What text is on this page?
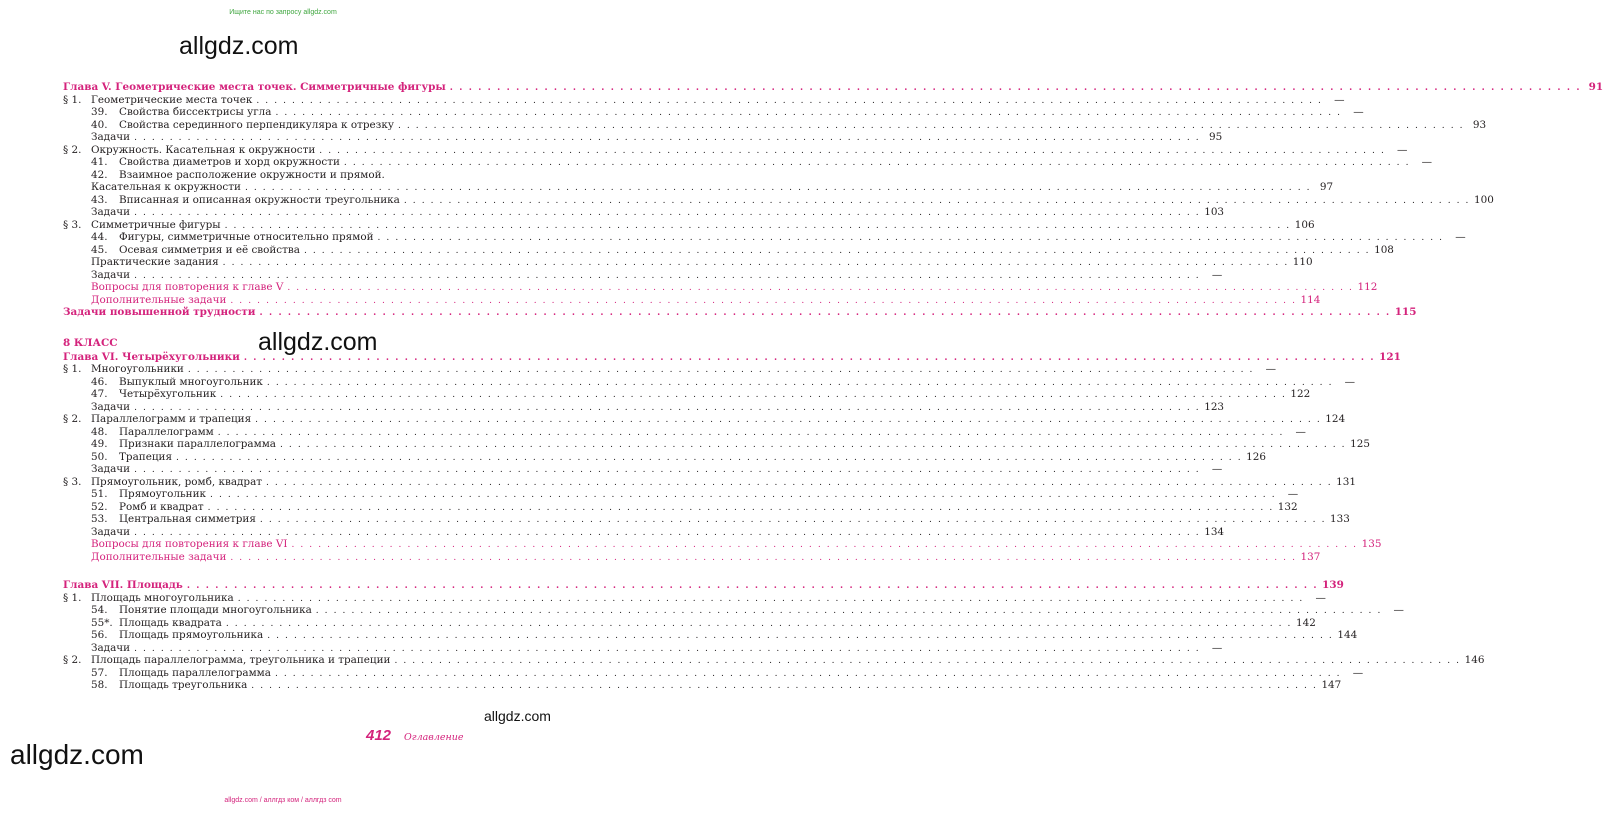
Ищите нас по запросу allgdz.com
allgdz.com
allgdz.com
allgdz.com
allgdz.com
Глава V. Геометрические места точек. Симметричные фигуры . . . . . . . . . . . . . . . . . . . . . . . . . . . . . . . . . . . . . . . . . . . . . . . . . . . . . . . . . . . . . . . . . . . . . . . . . . . . . . . . . . . . . . . . . . . . . . . . . . . . . . . . . . . . . . . . . . . . . . . . 91
§ 1. Геометрические места точек . . . . . . . . . . . . . . . . . . . . . . . . . . . . . . . . . . . . . . . . . . . . . . . . . . . . . . . . . . . . . . . . . . . . . . . . . . . . . . . . . . . . . . . . . . . . . . . . . . . . . . . . . . . . . . . . . . . . . . . .	—
39.	Свойства биссектрисы угла . . . . . . . . . . . . . . . . . . . . . . . . . . . . . . . . . . . . . . . . . . . . . . . . . . . . . . . . . . . . . . . . . . . . . . . . . . . . . . . . . . . . . . . . . . . . . . . . . . . . . . . . . . . . . . . . . . . . . . . .	—
40.	Свойства серединного перпендикуляра к отрезку . . . . . . . . . . . . . . . . . . . . . . . . . . . . . . . . . . . . . . . . . . . . . . . . . . . . . . . . . . . . . . . . . . . . . . . . . . . . . . . . . . . . . . . . . . . . . . . . . . . . . . . . . . . . . . . . . . . . . . . . 93
Задачи . . . . . . . . . . . . . . . . . . . . . . . . . . . . . . . . . . . . . . . . . . . . . . . . . . . . . . . . . . . . . . . . . . . . . . . . . . . . . . . . . . . . . . . . . . . . . . . . . . . . . . . . . . . . . . . . . . . . . . . . 95
§ 2. Окружность. Касательная к окружности . . . . . . . . . . . . . . . . . . . . . . . . . . . . . . . . . . . . . . . . . . . . . . . . . . . . . . . . . . . . . . . . . . . . . . . . . . . . . . . . . . . . . . . . . . . . . . . . . . . . . . . . . . . . . . . . . . . . . . . .	—
41.	Свойства диаметров и хорд окружности . . . . . . . . . . . . . . . . . . . . . . . . . . . . . . . . . . . . . . . . . . . . . . . . . . . . . . . . . . . . . . . . . . . . . . . . . . . . . . . . . . . . . . . . . . . . . . . . . . . . . . . . . . . . . . . . . . . . . . . .	—
42.	Взаимное расположение окружности и прямой.
Касательная к окружности . . . . . . . . . . . . . . . . . . . . . . . . . . . . . . . . . . . . . . . . . . . . . . . . . . . . . . . . . . . . . . . . . . . . . . . . . . . . . . . . . . . . . . . . . . . . . . . . . . . . . . . . . . . . . . . . . . . . . . . . 97
43.	Вписанная и описанная окружности треугольника . . . . . . . . . . . . . . . . . . . . . . . . . . . . . . . . . . . . . . . . . . . . . . . . . . . . . . . . . . . . . . . . . . . . . . . . . . . . . . . . . . . . . . . . . . . . . . . . . . . . . . . . . . . . . . . . . . . . . . . . 100
Задачи . . . . . . . . . . . . . . . . . . . . . . . . . . . . . . . . . . . . . . . . . . . . . . . . . . . . . . . . . . . . . . . . . . . . . . . . . . . . . . . . . . . . . . . . . . . . . . . . . . . . . . . . . . . . . . . . . . . . . . . . 103
§ 3. Симметричные фигуры . . . . . . . . . . . . . . . . . . . . . . . . . . . . . . . . . . . . . . . . . . . . . . . . . . . . . . . . . . . . . . . . . . . . . . . . . . . . . . . . . . . . . . . . . . . . . . . . . . . . . . . . . . . . . . . . . . . . . . . . 106
44.	Фигуры, симметричные относительно прямой . . . . . . . . . . . . . . . . . . . . . . . . . . . . . . . . . . . . . . . . . . . . . . . . . . . . . . . . . . . . . . . . . . . . . . . . . . . . . . . . . . . . . . . . . . . . . . . . . . . . . . . . . . . . . . . . . . . . . . . .	—
45.	Осевая симметрия и её свойства . . . . . . . . . . . . . . . . . . . . . . . . . . . . . . . . . . . . . . . . . . . . . . . . . . . . . . . . . . . . . . . . . . . . . . . . . . . . . . . . . . . . . . . . . . . . . . . . . . . . . . . . . . . . . . . . . . . . . . . . 108
Практические задания . . . . . . . . . . . . . . . . . . . . . . . . . . . . . . . . . . . . . . . . . . . . . . . . . . . . . . . . . . . . . . . . . . . . . . . . . . . . . . . . . . . . . . . . . . . . . . . . . . . . . . . . . . . . . . . . . . . . . . . . 110
Задачи . . . . . . . . . . . . . . . . . . . . . . . . . . . . . . . . . . . . . . . . . . . . . . . . . . . . . . . . . . . . . . . . . . . . . . . . . . . . . . . . . . . . . . . . . . . . . . . . . . . . . . . . . . . . . . . . . . . . . . . .	—
Вопросы для повторения к главе V . . . . . . . . . . . . . . . . . . . . . . . . . . . . . . . . . . . . . . . . . . . . . . . . . . . . . . . . . . . . . . . . . . . . . . . . . . . . . . . . . . . . . . . . . . . . . . . . . . . . . . . . . . . . . . . . . . . . . . . . 112
Дополнительные задачи . . . . . . . . . . . . . . . . . . . . . . . . . . . . . . . . . . . . . . . . . . . . . . . . . . . . . . . . . . . . . . . . . . . . . . . . . . . . . . . . . . . . . . . . . . . . . . . . . . . . . . . . . . . . . . . . . . . . . . . . 114
Задачи повышенной трудности . . . . . . . . . . . . . . . . . . . . . . . . . . . . . . . . . . . . . . . . . . . . . . . . . . . . . . . . . . . . . . . . . . . . . . . . . . . . . . . . . . . . . . . . . . . . . . . . . . . . . . . . . . . . . . . . . . . . . . . . 115
8 КЛАСС
Глава VI. Четырёхугольники . . . . . . . . . . . . . . . . . . . . . . . . . . . . . . . . . . . . . . . . . . . . . . . . . . . . . . . . . . . . . . . . . . . . . . . . . . . . . . . . . . . . . . . . . . . . . . . . . . . . . . . . . . . . . . . . . . . . . . . . 121
§ 1. Многоугольники . . . . . . . . . . . . . . . . . . . . . . . . . . . . . . . . . . . . . . . . . . . . . . . . . . . . . . . . . . . . . . . . . . . . . . . . . . . . . . . . . . . . . . . . . . . . . . . . . . . . . . . . . . . . . . . . . . . . . . . .	—
46.	Выпуклый многоугольник . . . . . . . . . . . . . . . . . . . . . . . . . . . . . . . . . . . . . . . . . . . . . . . . . . . . . . . . . . . . . . . . . . . . . . . . . . . . . . . . . . . . . . . . . . . . . . . . . . . . . . . . . . . . . . . . . . . . . . . .	—
47.	Четырёхугольник . . . . . . . . . . . . . . . . . . . . . . . . . . . . . . . . . . . . . . . . . . . . . . . . . . . . . . . . . . . . . . . . . . . . . . . . . . . . . . . . . . . . . . . . . . . . . . . . . . . . . . . . . . . . . . . . . . . . . . . . 122
Задачи . . . . . . . . . . . . . . . . . . . . . . . . . . . . . . . . . . . . . . . . . . . . . . . . . . . . . . . . . . . . . . . . . . . . . . . . . . . . . . . . . . . . . . . . . . . . . . . . . . . . . . . . . . . . . . . . . . . . . . . . 123
§ 2. Параллелограмм и трапеция . . . . . . . . . . . . . . . . . . . . . . . . . . . . . . . . . . . . . . . . . . . . . . . . . . . . . . . . . . . . . . . . . . . . . . . . . . . . . . . . . . . . . . . . . . . . . . . . . . . . . . . . . . . . . . . . . . . . . . . . 124
48.	Параллелограмм . . . . . . . . . . . . . . . . . . . . . . . . . . . . . . . . . . . . . . . . . . . . . . . . . . . . . . . . . . . . . . . . . . . . . . . . . . . . . . . . . . . . . . . . . . . . . . . . . . . . . . . . . . . . . . . . . . . . . . . .	—
49.	Признаки параллелограмма . . . . . . . . . . . . . . . . . . . . . . . . . . . . . . . . . . . . . . . . . . . . . . . . . . . . . . . . . . . . . . . . . . . . . . . . . . . . . . . . . . . . . . . . . . . . . . . . . . . . . . . . . . . . . . . . . . . . . . . . 125
50.	Трапеция . . . . . . . . . . . . . . . . . . . . . . . . . . . . . . . . . . . . . . . . . . . . . . . . . . . . . . . . . . . . . . . . . . . . . . . . . . . . . . . . . . . . . . . . . . . . . . . . . . . . . . . . . . . . . . . . . . . . . . . . 126
Задачи . . . . . . . . . . . . . . . . . . . . . . . . . . . . . . . . . . . . . . . . . . . . . . . . . . . . . . . . . . . . . . . . . . . . . . . . . . . . . . . . . . . . . . . . . . . . . . . . . . . . . . . . . . . . . . . . . . . . . . . .	—
§ 3. Прямоугольник, ромб, квадрат . . . . . . . . . . . . . . . . . . . . . . . . . . . . . . . . . . . . . . . . . . . . . . . . . . . . . . . . . . . . . . . . . . . . . . . . . . . . . . . . . . . . . . . . . . . . . . . . . . . . . . . . . . . . . . . . . . . . . . . . 131
51.	Прямоугольник . . . . . . . . . . . . . . . . . . . . . . . . . . . . . . . . . . . . . . . . . . . . . . . . . . . . . . . . . . . . . . . . . . . . . . . . . . . . . . . . . . . . . . . . . . . . . . . . . . . . . . . . . . . . . . . . . . . . . . . .	—
52.	Ромб и квадрат . . . . . . . . . . . . . . . . . . . . . . . . . . . . . . . . . . . . . . . . . . . . . . . . . . . . . . . . . . . . . . . . . . . . . . . . . . . . . . . . . . . . . . . . . . . . . . . . . . . . . . . . . . . . . . . . . . . . . . . . 132
53.	Центральная симметрия . . . . . . . . . . . . . . . . . . . . . . . . . . . . . . . . . . . . . . . . . . . . . . . . . . . . . . . . . . . . . . . . . . . . . . . . . . . . . . . . . . . . . . . . . . . . . . . . . . . . . . . . . . . . . . . . . . . . . . . . 133
Задачи . . . . . . . . . . . . . . . . . . . . . . . . . . . . . . . . . . . . . . . . . . . . . . . . . . . . . . . . . . . . . . . . . . . . . . . . . . . . . . . . . . . . . . . . . . . . . . . . . . . . . . . . . . . . . . . . . . . . . . . . 134
Вопросы для повторения к главе VI . . . . . . . . . . . . . . . . . . . . . . . . . . . . . . . . . . . . . . . . . . . . . . . . . . . . . . . . . . . . . . . . . . . . . . . . . . . . . . . . . . . . . . . . . . . . . . . . . . . . . . . . . . . . . . . . . . . . . . . . 135
Дополнительные задачи . . . . . . . . . . . . . . . . . . . . . . . . . . . . . . . . . . . . . . . . . . . . . . . . . . . . . . . . . . . . . . . . . . . . . . . . . . . . . . . . . . . . . . . . . . . . . . . . . . . . . . . . . . . . . . . . . . . . . . . . 137
Глава VII. Площадь . . . . . . . . . . . . . . . . . . . . . . . . . . . . . . . . . . . . . . . . . . . . . . . . . . . . . . . . . . . . . . . . . . . . . . . . . . . . . . . . . . . . . . . . . . . . . . . . . . . . . . . . . . . . . . . . . . . . . . . . 139
§ 1. Площадь многоугольника . . . . . . . . . . . . . . . . . . . . . . . . . . . . . . . . . . . . . . . . . . . . . . . . . . . . . . . . . . . . . . . . . . . . . . . . . . . . . . . . . . . . . . . . . . . . . . . . . . . . . . . . . . . . . . . . . . . . . . . .	—
54.	Понятие площади многоугольника . . . . . . . . . . . . . . . . . . . . . . . . . . . . . . . . . . . . . . . . . . . . . . . . . . . . . . . . . . . . . . . . . . . . . . . . . . . . . . . . . . . . . . . . . . . . . . . . . . . . . . . . . . . . . . . . . . . . . . . .	—
55*. Площадь квадрата . . . . . . . . . . . . . . . . . . . . . . . . . . . . . . . . . . . . . . . . . . . . . . . . . . . . . . . . . . . . . . . . . . . . . . . . . . . . . . . . . . . . . . . . . . . . . . . . . . . . . . . . . . . . . . . . . . . . . . . . 142
56.	Площадь прямоугольника . . . . . . . . . . . . . . . . . . . . . . . . . . . . . . . . . . . . . . . . . . . . . . . . . . . . . . . . . . . . . . . . . . . . . . . . . . . . . . . . . . . . . . . . . . . . . . . . . . . . . . . . . . . . . . . . . . . . . . . . 144
Задачи . . . . . . . . . . . . . . . . . . . . . . . . . . . . . . . . . . . . . . . . . . . . . . . . . . . . . . . . . . . . . . . . . . . . . . . . . . . . . . . . . . . . . . . . . . . . . . . . . . . . . . . . . . . . . . . . . . . . . . . .	—
§ 2. Площадь параллелограмма, треугольника и трапеции . . . . . . . . . . . . . . . . . . . . . . . . . . . . . . . . . . . . . . . . . . . . . . . . . . . . . . . . . . . . . . . . . . . . . . . . . . . . . . . . . . . . . . . . . . . . . . . . . . . . . . . . . . . . . . . . . . . . . . . . 146
57.	Площадь параллелограмма . . . . . . . . . . . . . . . . . . . . . . . . . . . . . . . . . . . . . . . . . . . . . . . . . . . . . . . . . . . . . . . . . . . . . . . . . . . . . . . . . . . . . . . . . . . . . . . . . . . . . . . . . . . . . . . . . . . . . . . .	—
58.	Площадь треугольника . . . . . . . . . . . . . . . . . . . . . . . . . . . . . . . . . . . . . . . . . . . . . . . . . . . . . . . . . . . . . . . . . . . . . . . . . . . . . . . . . . . . . . . . . . . . . . . . . . . . . . . . . . . . . . . . . . . . . . . . 147
412 Оглавление
allgdz.com / аллгдз ком / аллгдз com
